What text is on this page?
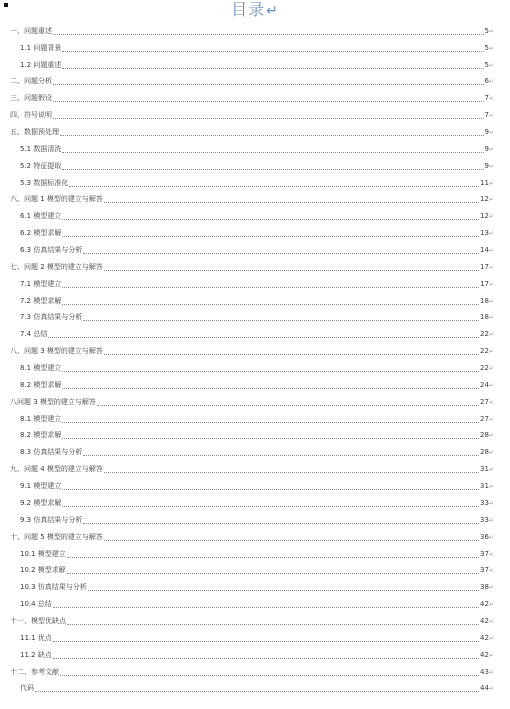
目录↵
一、问题重述	5↵
1.1 问题背景	5↵
1.2 问题重述	5↵
二、问题分析	6↵
三、问题假设	7↵
四、符号说明	7↵
五、数据预处理	9↵
5.1 数据清洗	9↵
5.2 特征提取	9↵
5.3 数据标准化	11↵
六、问题 1 模型的建立与解答	12↵
6.1 模型建立	12↵
6.2 模型求解	13↵
6.3 仿真结果与分析	14↵
七、问题 2 模型的建立与解答	17↵
7.1 模型建立	17↵
7.2 模型求解	18↵
7.3 仿真结果与分析	18↵
7.4 总结	22↵
八、问题 3 模型的建立与解答	22↵
8.1 模型建立	22↵
8.2 模型求解	24↵
八问题 3 模型的建立与解答	27↵
8.1 模型建立	27↵
8.2 模型求解	28↵
8.3 仿真结果与分析	28↵
九、问题 4 模型的建立与解答	31↵
9.1 模型建立	31↵
9.2 模型求解	33↵
9.3 仿真结果与分析	33↵
十、问题 5 模型的建立与解答	36↵
10.1 模型建立	37↵
10.2 模型求解	37↵
10.3 仿真结果与分析	38↵
10.4 总结	42↵
十一、模型优缺点	42↵
11.1 优点	42↵
11.2 缺点	42↵
十二、参考文献	43↵
代码	44↵
